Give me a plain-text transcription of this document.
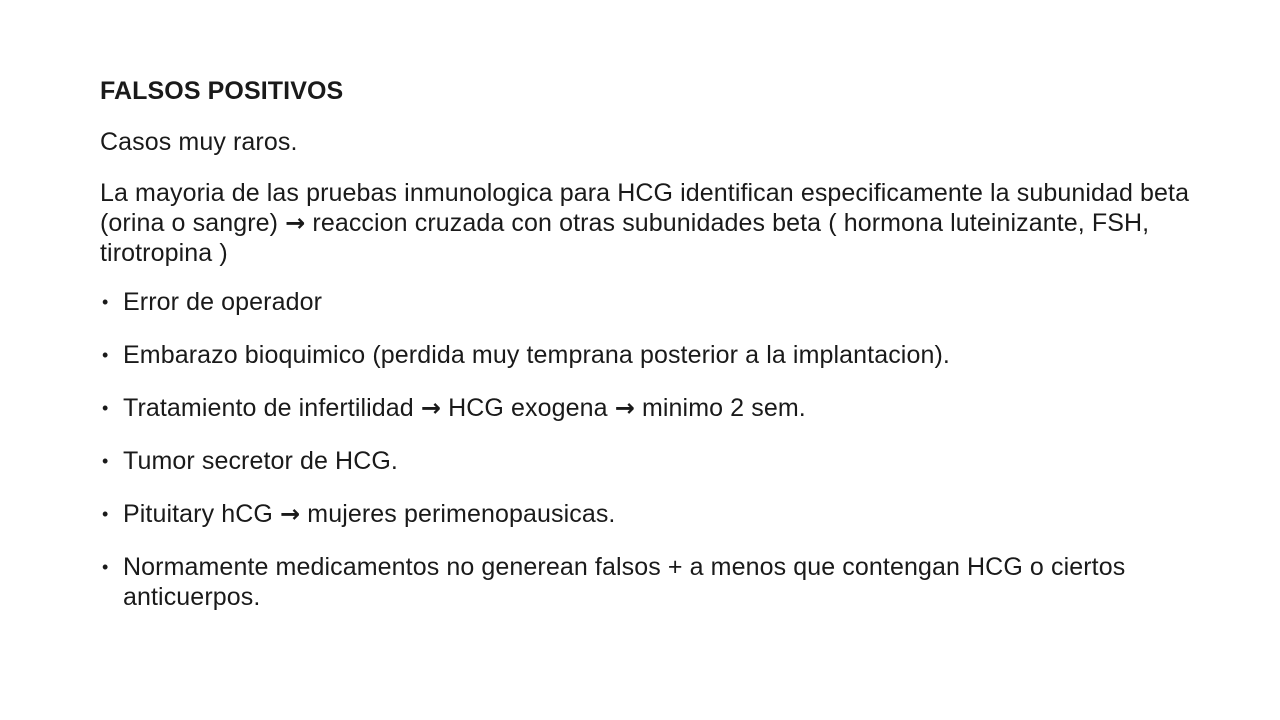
FALSOS POSITIVOS
Casos muy raros.
La mayoria de las pruebas inmunologica para HCG identifican especificamente la subunidad beta (orina o sangre) → reaccion cruzada con otras subunidades beta ( hormona luteinizante, FSH, tirotropina )
• Error de operador
• Embarazo bioquimico (perdida muy temprana posterior a la implantacion).
• Tratamiento de infertilidad → HCG exogena → minimo 2 sem.
• Tumor secretor de HCG.
• Pituitary hCG → mujeres perimenopausicas.
• Normamente medicamentos no generean falsos + a menos que contengan HCG o ciertos anticuerpos.
